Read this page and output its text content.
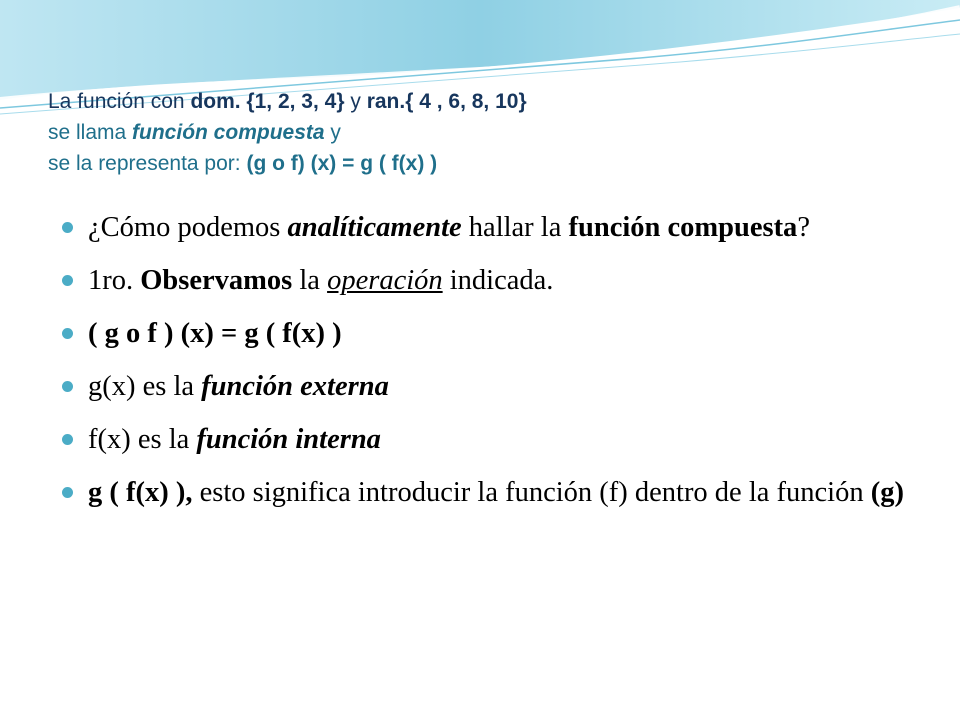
La función con dom. {1, 2, 3, 4} y ran.{ 4 , 6, 8, 10}
se llama función compuesta y
se la representa por: (g o f) (x) = g ( f(x) )
¿Cómo podemos analíticamente hallar la función compuesta?
1ro. Observamos la operación indicada.
( g o f ) (x) = g ( f(x) )
g(x) es la función externa
f(x) es la función interna
g ( f(x) ), esto significa introducir la función (f) dentro de la función (g)
